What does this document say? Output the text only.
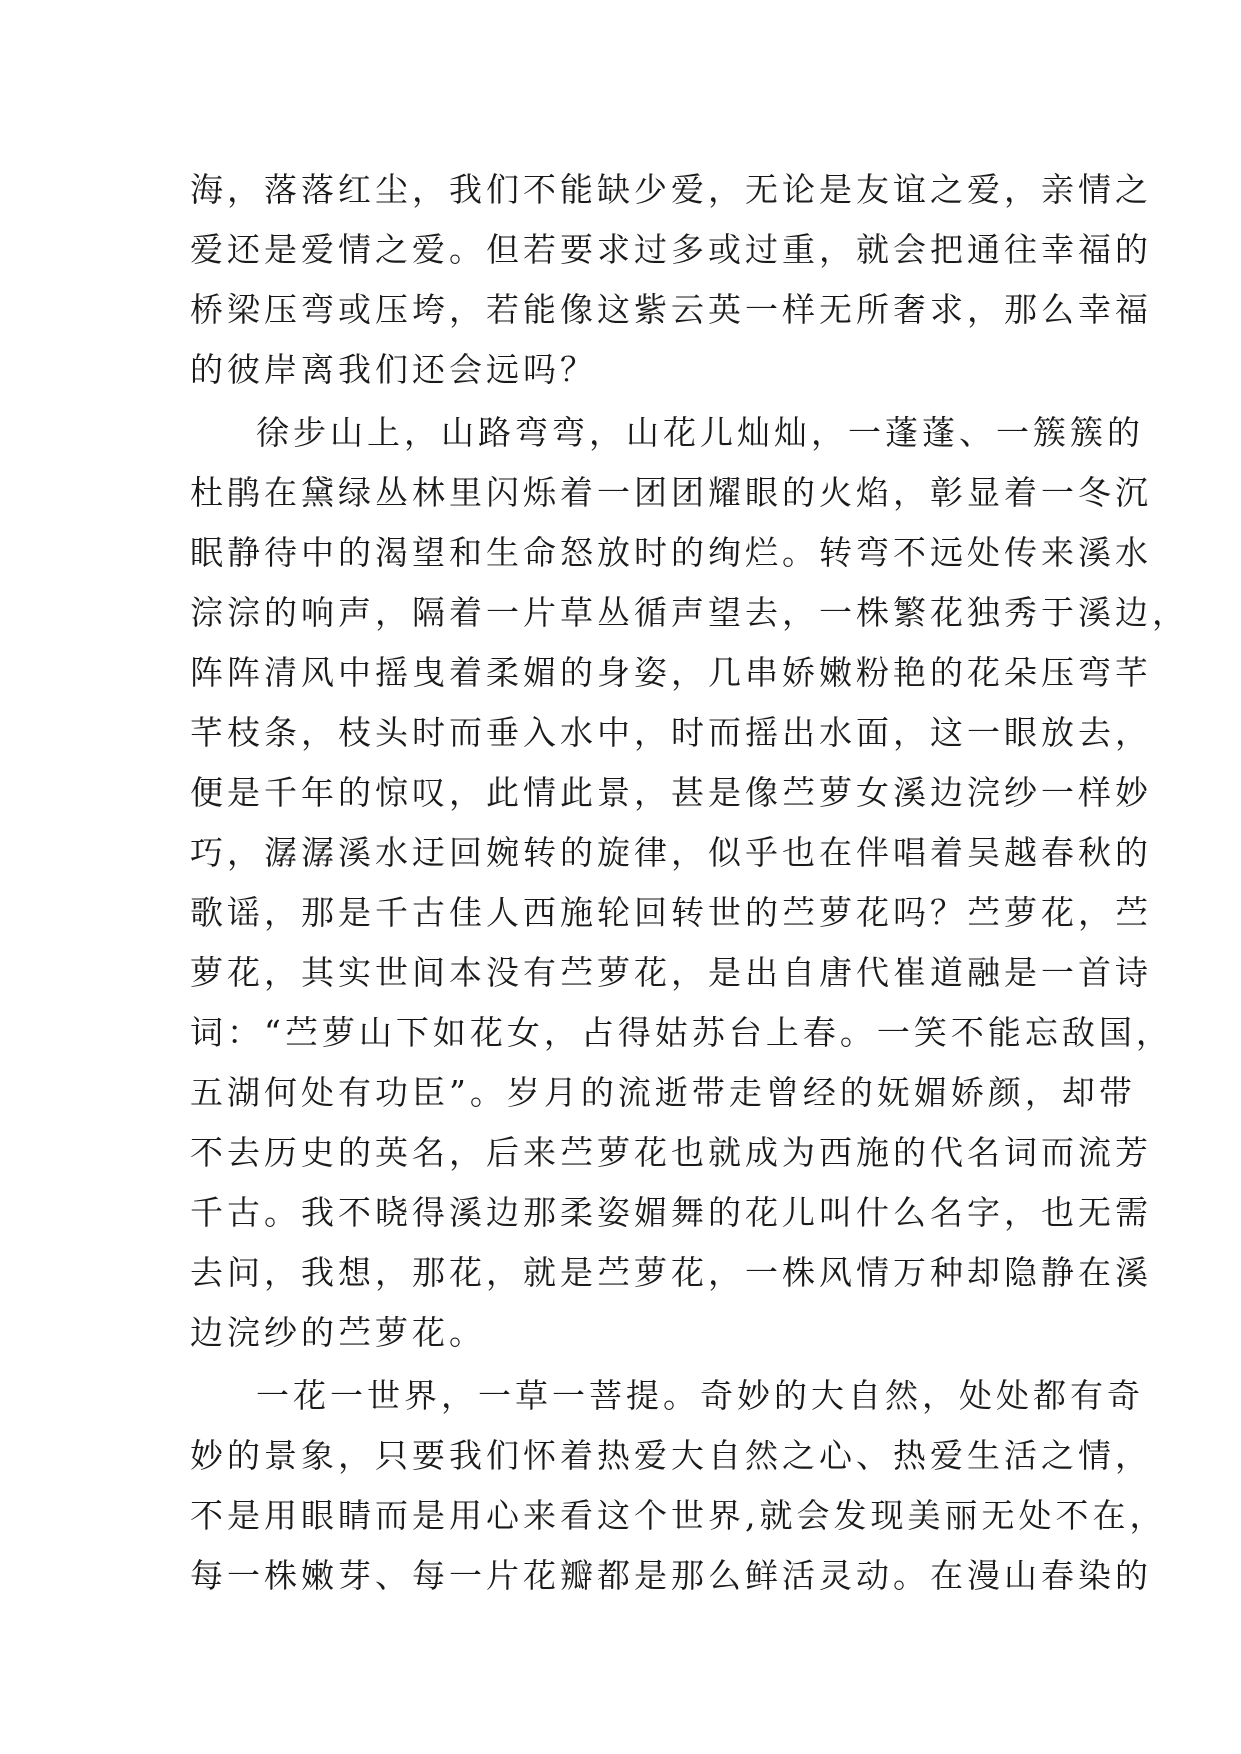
海，落落红尘，我们不能缺少爱，无论是友谊之爱，亲情之
爱还是爱情之爱。但若要求过多或过重，就会把通往幸福的
桥梁压弯或压垮，若能像这紫云英一样无所奢求，那么幸福
的彼岸离我们还会远吗？

徐步山上，山路弯弯，山花儿灿灿，一蓬蓬、一簇簇的
杜鹃在黛绿丛林里闪烁着一团团耀眼的火焰，彰显着一冬沉
眠静待中的渴望和生命怒放时的绚烂。转弯不远处传来溪水
淙淙的响声，隔着一片草丛循声望去，一株繁花独秀于溪边，
阵阵清风中摇曳着柔媚的身姿，几串娇嫩粉艳的花朵压弯芊
芊枝条，枝头时而垂入水中，时而摇出水面，这一眼放去，
便是千年的惊叹，此情此景，甚是像苎萝女溪边浣纱一样妙
巧，潺潺溪水迂回婉转的旋律，似乎也在伴唱着吴越春秋的
歌谣，那是千古佳人西施轮回转世的苎萝花吗？苎萝花，苎
萝花，其实世间本没有苎萝花，是出自唐代崔道融是一首诗
词：“苎萝山下如花女，占得姑苏台上春。一笑不能忘敌国，
五湖何处有功臣”。岁月的流逝带走曾经的妩媚娇颜，却带
不去历史的英名，后来苎萝花也就成为西施的代名词而流芳
千古。我不晓得溪边那柔姿媚舞的花儿叫什么名字，也无需
去问，我想，那花，就是苎萝花，一株风情万种却隐静在溪
边浣纱的苎萝花。

一花一世界，一草一菩提。奇妙的大自然，处处都有奇
妙的景象，只要我们怀着热爱大自然之心、热爱生活之情，
不是用眼睛而是用心来看这个世界,就会发现美丽无处不在，
每一株嫩芽、每一片花瓣都是那么鲜活灵动。在漫山春染的
